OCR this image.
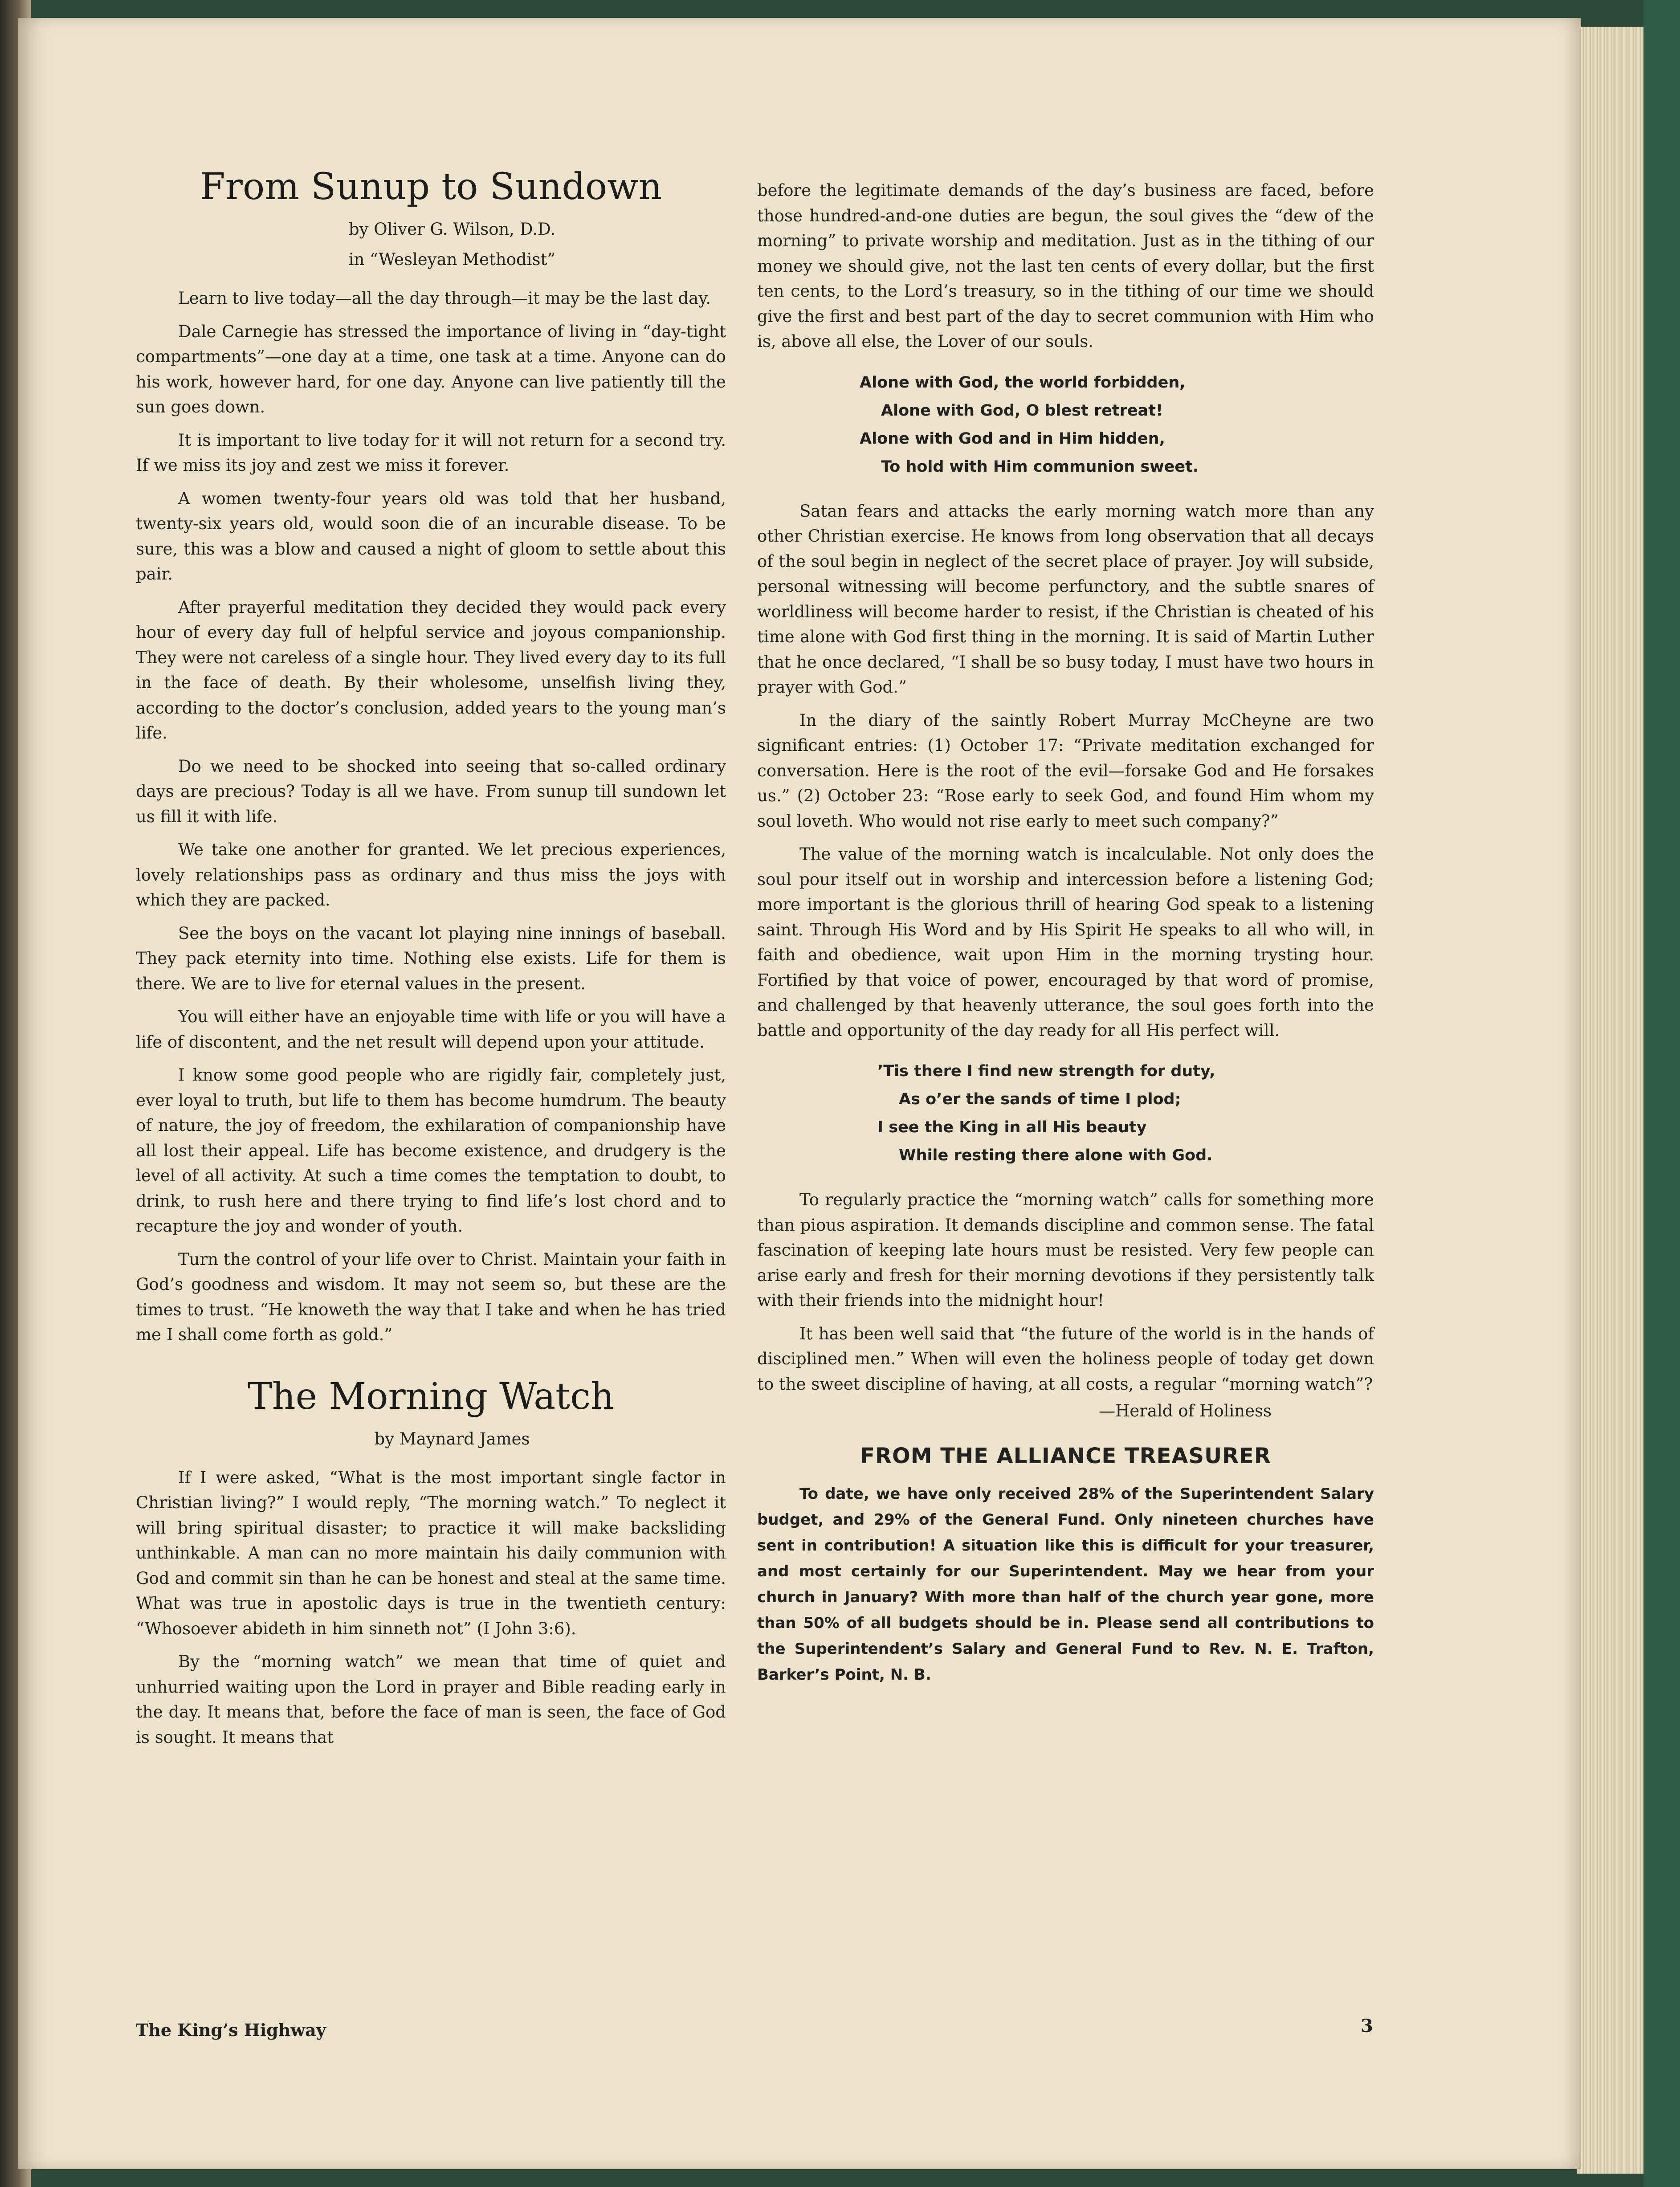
From Sunup to Sundown

by Oliver G. Wilson, D.D.

in “Wesleyan Methodist”

Learn to live today—all the day through—it may be the last day.

Dale Carnegie has stressed the importance of living in “day-tight compartments”—one day at a time, one task at a time. Anyone can do his work, however hard, for one day. Anyone can live patiently till the sun goes down.

It is important to live today for it will not return for a second try. If we miss its joy and zest we miss it forever.

A women twenty-four years old was told that her husband, twenty-six years old, would soon die of an incurable disease. To be sure, this was a blow and caused a night of gloom to settle about this pair.

After prayerful meditation they decided they would pack every hour of every day full of helpful service and joyous companionship. They were not careless of a single hour. They lived every day to its full in the face of death. By their wholesome, unselfish living they, according to the doctor’s conclusion, added years to the young man’s life.

Do we need to be shocked into seeing that so-called ordinary days are precious? Today is all we have. From sunup till sundown let us fill it with life.

We take one another for granted. We let precious experiences, lovely relationships pass as ordinary and thus miss the joys with which they are packed.

See the boys on the vacant lot playing nine innings of baseball. They pack eternity into time. Nothing else exists. Life for them is there. We are to live for eternal values in the present.

You will either have an enjoyable time with life or you will have a life of discontent, and the net result will depend upon your attitude.

I know some good people who are rigidly fair, completely just, ever loyal to truth, but life to them has become humdrum. The beauty of nature, the joy of freedom, the exhilaration of companionship have all lost their appeal. Life has become existence, and drudgery is the level of all activity. At such a time comes the temptation to doubt, to drink, to rush here and there trying to find life’s lost chord and to recapture the joy and wonder of youth.

Turn the control of your life over to Christ. Maintain your faith in God’s goodness and wisdom. It may not seem so, but these are the times to trust. “He knoweth the way that I take and when he has tried me I shall come forth as gold.”

The Morning Watch

by Maynard James

If I were asked, “What is the most important single factor in Christian living?” I would reply, “The morning watch.” To neglect it will bring spiritual disaster; to practice it will make backsliding unthinkable. A man can no more maintain his daily communion with God and commit sin than he can be honest and steal at the same time. What was true in apostolic days is true in the twentieth century: “Whosoever abideth in him sinneth not” (I John 3:6).

By the “morning watch” we mean that time of quiet and unhurried waiting upon the Lord in prayer and Bible reading early in the day. It means that, before the face of man is seen, the face of God is sought. It means that

before the legitimate demands of the day’s business are faced, before those hundred-and-one duties are begun, the soul gives the “dew of the morning” to private worship and meditation. Just as in the tithing of our money we should give, not the last ten cents of every dollar, but the first ten cents, to the Lord’s treasury, so in the tithing of our time we should give the first and best part of the day to secret communion with Him who is, above all else, the Lover of our souls.

Alone with God, the world forbidden,
Alone with God, O blest retreat!
Alone with God and in Him hidden,
To hold with Him communion sweet.

Satan fears and attacks the early morning watch more than any other Christian exercise. He knows from long observation that all decays of the soul begin in neglect of the secret place of prayer. Joy will subside, personal witnessing will become perfunctory, and the subtle snares of worldliness will become harder to resist, if the Christian is cheated of his time alone with God first thing in the morning. It is said of Martin Luther that he once declared, “I shall be so busy today, I must have two hours in prayer with God.”

In the diary of the saintly Robert Murray McCheyne are two significant entries: (1) October 17: “Private meditation exchanged for conversation. Here is the root of the evil—forsake God and He forsakes us.” (2) October 23: “Rose early to seek God, and found Him whom my soul loveth. Who would not rise early to meet such company?”

The value of the morning watch is incalculable. Not only does the soul pour itself out in worship and intercession before a listening God; more important is the glorious thrill of hearing God speak to a listening saint. Through His Word and by His Spirit He speaks to all who will, in faith and obedience, wait upon Him in the morning trysting hour. Fortified by that voice of power, encouraged by that word of promise, and challenged by that heavenly utterance, the soul goes forth into the battle and opportunity of the day ready for all His perfect will.

’Tis there I find new strength for duty,
As o’er the sands of time I plod;
I see the King in all His beauty
While resting there alone with God.

To regularly practice the “morning watch” calls for something more than pious aspiration. It demands discipline and common sense. The fatal fascination of keeping late hours must be resisted. Very few people can arise early and fresh for their morning devotions if they persistently talk with their friends into the midnight hour!

It has been well said that “the future of the world is in the hands of disciplined men.” When will even the holiness people of today get down to the sweet discipline of having, at all costs, a regular “morning watch”?

—Herald of Holiness

FROM THE ALLIANCE TREASURER

To date, we have only received 28% of the Superintendent Salary budget, and 29% of the General Fund. Only nineteen churches have sent in contribution! A situation like this is difficult for your treasurer, and most certainly for our Superintendent. May we hear from your church in January? With more than half of the church year gone, more than 50% of all budgets should be in. Please send all contributions to the Superintendent’s Salary and General Fund to Rev. N. E. Trafton, Barker’s Point, N. B.

The King’s Highway	3
